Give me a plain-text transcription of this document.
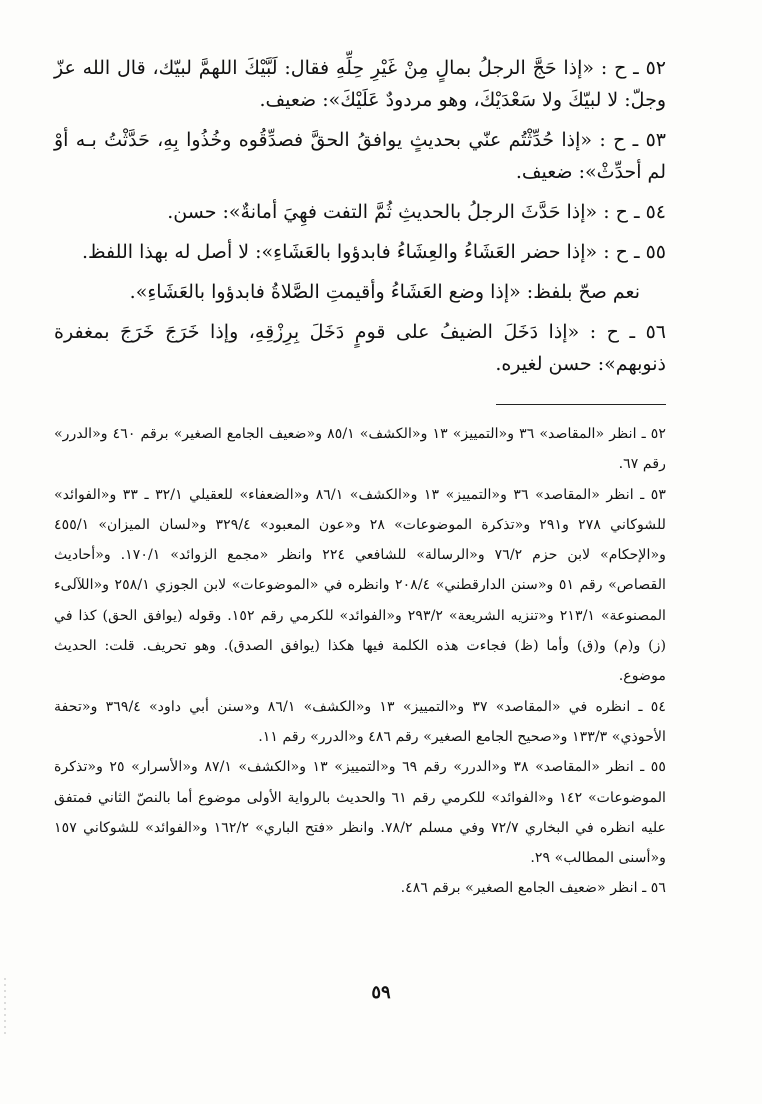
٥٢ ـ ح : «إذا حَجَّ الرجلُ بمالٍ مِنْ غَيْرِ حِلِّهِ فقال: لَبَّيْكَ اللهمَّ لبيّك، قال الله عزّ وجلّ: لا لبيّكَ ولا سَعْدَيْكَ، وهو مردودٌ عَلَيْكَ»: ضعيف.

٥٣ ـ ح : «إذا حُدِّثْتُم عنّي بحديثٍ يوافقُ الحقَّ فصدِّقُوه وخُذُوا بِهِ، حَدَّثْتُ بـه أوْ لم أحدِّثْ»: ضعيف.

٥٤ ـ ح : «إذا حَدَّثَ الرجلُ بالحديثِ ثُمَّ التفت فهِيَ أمانةٌ»: حسن.

٥٥ ـ ح : «إذا حضر العَشَاءُ والعِشَاءُ فابدؤوا بالعَشَاءِ»: لا أصل له بهذا اللفظ.

نعم صحّ بلفظ: «إذا وضع العَشَاءُ وأقيمتِ الصَّلاةُ فابدؤوا بالعَشَاءِ».

٥٦ ـ ح : «إذا دَخَلَ الضيفُ على قومٍ دَخَلَ بِرِزْقِهِ، وإذا خَرَجَ خَرَجَ بمغفرة ذنوبهم»: حسن لغيره.

٥٢ ـ انظر «المقاصد» ٣٦ و«التمييز» ١٣ و«الكشف» ٨٥/١ و«ضعيف الجامع الصغير» برقم ٤٦٠ و«الدرر» رقم ٦٧.

٥٣ ـ انظر «المقاصد» ٣٦ و«التمييز» ١٣ و«الكشف» ٨٦/١ و«الضعفاء» للعقيلي ٣٢/١ ـ ٣٣ و«الفوائد» للشوكاني ٢٧٨ و٢٩١ و«تذكرة الموضوعات» ٢٨ و«عون المعبود» ٣٢٩/٤ و«لسان الميزان» ٤٥٥/١ و«الإحكام» لابن حزم ٧٦/٢ و«الرسالة» للشافعي ٢٢٤ وانظر «مجمع الزوائد» ١٧٠/١. و«أحاديث القصاص» رقم ٥١ و«سنن الدارقطني» ٢٠٨/٤ وانظره في «الموضوعات» لابن الجوزي ٢٥٨/١ و«اللآلىء المصنوعة» ٢١٣/١ و«تنزيه الشريعة» ٢٩٣/٢ و«الفوائد» للكرمي رقم ١٥٢. وقوله (يوافق الحق) كذا في (ز) و(م) و(ق) وأما (ظ) فجاءت هذه الكلمة فيها هكذا (يوافق الصدق). وهو تحريف. قلت: الحديث موضوع.

٥٤ ـ انظره في «المقاصد» ٣٧ و«التمييز» ١٣ و«الكشف» ٨٦/١ و«سنن أبي داود» ٣٦٩/٤ و«تحفة الأحوذي» ١٣٣/٣ و«صحيح الجامع الصغير» رقم ٤٨٦ و«الدرر» رقم ١١.

٥٥ ـ انظر «المقاصد» ٣٨ و«الدرر» رقم ٦٩ و«التمييز» ١٣ و«الكشف» ٨٧/١ و«الأسرار» ٢٥ و«تذكرة الموضوعات» ١٤٢ و«الفوائد» للكرمي رقم ٦١ والحديث بالرواية الأولى موضوع أما بالنصّ الثاني فمتفق عليه انظره في البخاري ٧٢/٧ وفي مسلم ٧٨/٢. وانظر «فتح الباري» ١٦٢/٢ و«الفوائد» للشوكاني ١٥٧ و«أسنى المطالب» ٢٩.

٥٦ ـ انظر «ضعيف الجامع الصغير» برقم ٤٨٦.

٥٩
